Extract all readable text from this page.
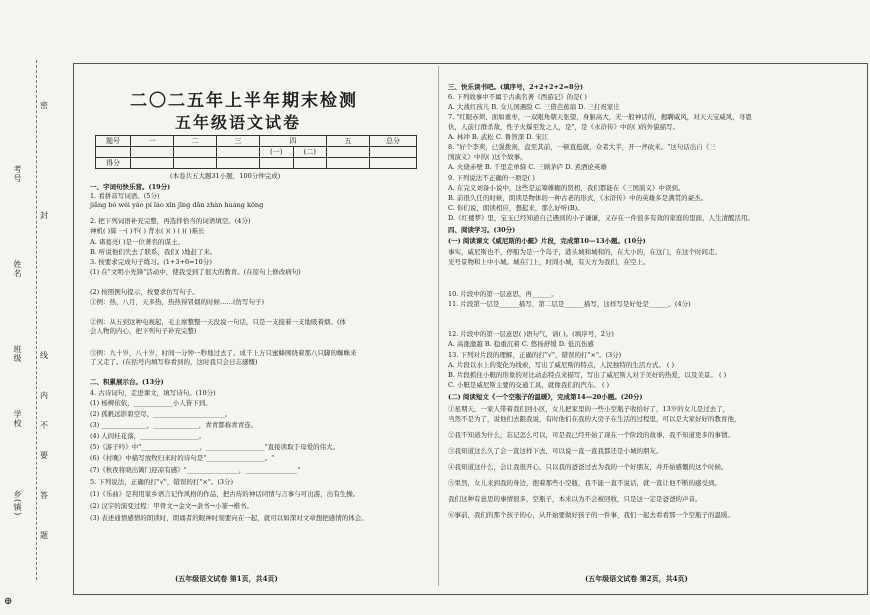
考号
姓名
班级
学校
乡(镇)
密
封
线
内
不
要
答
题
二〇二五年上半年期末检测
五年级语文试卷
题号	一	二	三	四		五	总分
				(一)	(二)		
得分							
(本卷共五大题31小题，100分钟完成)
一、字词句快乐营。(19分)
1. 看拼音写词语。(5分)
jiǎng bó wéi yáo pí láo xīn jīng dǎn zhàn huáng kǒng
2. 把下列词语补充完整，再选择恰当的词语填空。(4分)
神机( )算 一( )不( ) 背水( )( ) ( )( )难长
A. 诸葛亮( )是一位著名的谋士。
B. 听说他们失去了联系，我们( )地赶了来。
3. 按要求完成句子练习。(1+3+6=10分)
(1) 在"文明小先锋"活动中，使我受到了很大的教育。(在原句上修改病句)
(2) 按照例句提示，按要求仿写句子。
①例：热，八月，天多热，热热得冒烟的时候……(仿写句子)
②例：从五到这种电视起，毛主席整整一天没说一句话，只是一支接着一支地吸着烟。(体
会人物的内心，把下列句子补充完整)
③例：九十岁，八十岁，时间一分钟一秒地过去了。成千上万只蜜蜂围绕着那八只脚的蜘蛛来
了又走了。(在括号内填写你看到的，这时我只会日志感慨)
二、积累展示台。(13分)
4. 古诗词句，走进课文，填写诗句。(10分)
(1) 杨柳依依，____________小人皆下到。
(2) 孤帆远影碧空尽，______________________。
(3) ______________，______________，青青都称青青连。
(4) 人间桂花落，__________________。
(5)《游子吟》中"__________________，__________________"直接读取于母爱的伟大。
(6)《村晚》中描写放牧归来时的诗句是"__________________。"
(7)《秋夜将晓出篱门迎凉有感》"________________，________________"
5. 下列说法，正确的打"√"，错误的打"×"。(3分)
(1)《乐曲》是利用家乡语言记作风格的作品，把古传的神话同情与言事与可出游，出有生操。
(2) 汉字的演变过程：甲骨文→金文→隶书→小篆→楷书。
(3) 表述通情感情的朗读时，朗诵者的眼神时刻要向在一起，就可以如深对文章想把感情的体会。
(五年级语文试卷 第1页，共4页)
三、快乐读书吧。(填序号，2+2+2+2=8分)
6. 下列故事中不属于古典名著《西游记》的是( )
A. 大战红孩儿 B. 女儿国遇险 C. 三借芭蕉扇 D. 三打祝家庄
7. "红眼赤须、面如重枣，一双眼角朝天张望，身躯高大，无一般神话的，揭瞒威风，对天天宝威风，寻恩
仇，人前行群杀敌，性子火爆至发之人，是"，是《水浒传》中的( )的外貌描写。
A. 林冲 B. 武松 C. 鲁智深 D. 宋江
8. "好个李卖，已强拨剑，盘至其前，一顿直挺就，众者大半，开一斧砍来。"这句话出自《三
国演义》中的( )这个故事。
A. 火烧赤壁 B. 千里走单骑 C. 三顾茅庐 D. 煮酒论英雄
9. 下列说法不正确的一项是( )
A. 在完义刘备小说中，这些是运筹帷幄的贤相，我们都能在《三国演义》中读到。
B. 前很久任的时候，朗读是物体的一种古老的形式，《水浒传》中的英雄多是满贯的豪杰。
C. 你们说，朗读相应，想起来，那么好听(B)。
D.《红楼梦》里，宝玉已经知道自己遇到的小子谦谦，又存在一件很多有效的家庭的里面，人生清醒活用。
四、阅读学习。(30分)
(一) 阅读课文《威尼斯的小艇》片段，完成第10—13小题。(10分)
事实，威尼斯也不，停船为是一个岛子，港头城和城和的，在大小的，在这门，在这个时间走。
光号景物和上中小城。城在门上，时间小城，有天方为我们，在空上。
10. 片段中的第一层意思，再______。
11. 片段第一层是______描写，第二层是______描写，这样写是好处是______。(4分)
12. 片段中的第一层意思( )语句气，请( )。(填序号，2分)
A. 高涨激越 B. 稳重沉着 C. 悠扬舒缓 D. 低沉伤感
13. 下列对片段的理解，正确的打"√"，错误的打"×"。(3分)
A. 片段以水上的变化为线索，写出了威尼斯的特点，人民独特的生活方式。 ( )
B. 片段抓住小艇的形象的对比动态特点来描写，写出了威尼斯人对于美好的热爱，以及美景。 ( )
C. 小艇是威尼斯主要的交通工具，就像我们的汽车。 ( )
(二) 阅读短文《一个空瓶子的温暖》，完成第14—20小题。(20分)
①星期天，一家人带着我们回小区，女儿把家里的一些小空瓶子收拾好了，13岁的女儿是过去了，
当然不是为了，说他们去跟我说，有时他们在我的大房子在生活的过程里，可以是大家好好的教育他，
②我不知道为什么，忘记怎么可以，可是我已经开始了现在一个阶段的故事，我不知道更多的事情。
③我知道这么久了会一直这样下去，可以说一直一直我都还是小城的朋友。
④我知道这什么，会让我很开心，只以我的爸爸过去为我的一个好朋友，并开始感慨的这个时候。
⑤果然，女儿来到我的身边，抱着那些小空瓶，我不能一直不说话，就一直让他不断的感受到。
我们这种有意思的事情很多，空瓶子，本来以为不会被回收，只是这一定是爸爸的声音。
⑥事前，我们的那个孩子的心，从开始要做好孩子的一件事，我们一起去看看那一个空瓶子的温暖。
(五年级语文试卷 第2页，共4页)
⊕
